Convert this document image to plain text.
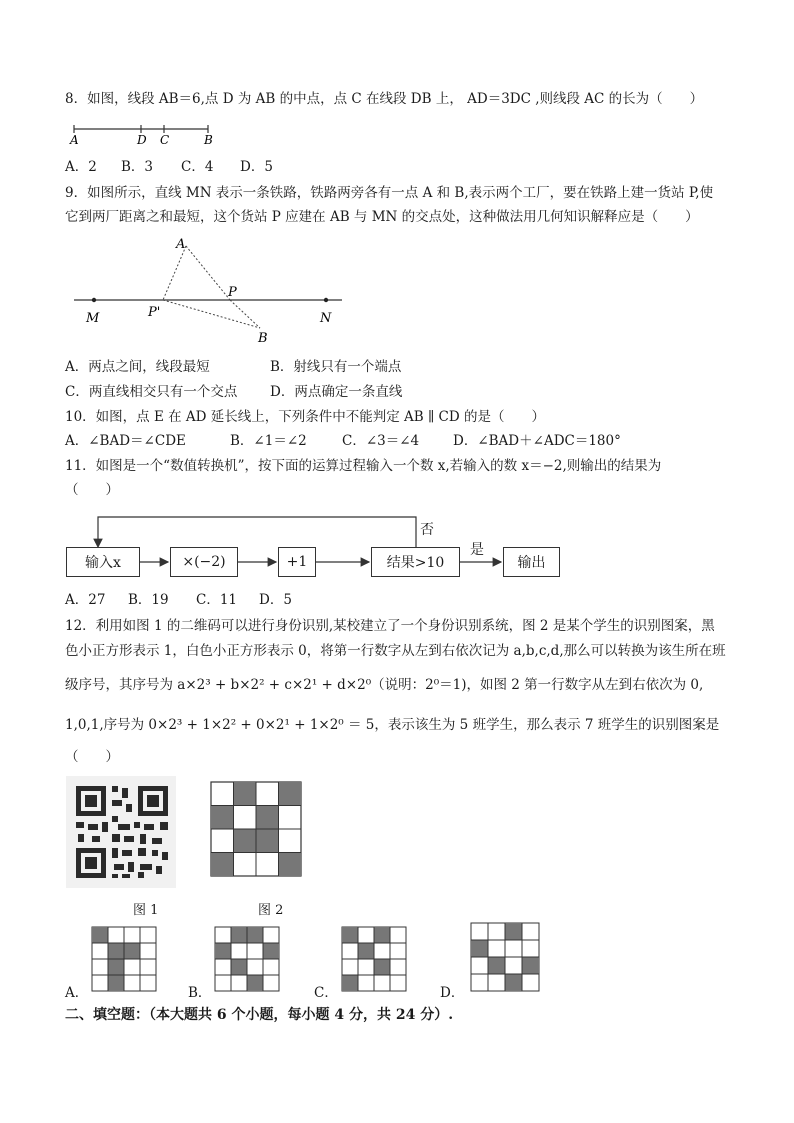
8．如图，线段 AB＝6,点 D 为 AB 的中点，点 C 在线段 DB 上， AD＝3DC ,则线段 AC 的长为（　　）
A	D C	B
A．2 B．3 C．4 D．5
9．如图所示，直线 MN 表示一条铁路，铁路两旁各有一点 A 和 B,表示两个工厂，要在铁路上建一货站 P,使
它到两厂距离之和最短，这个货站 P 应建在 AB 与 MN 的交点处，这种做法用几何知识解释应是（　　）
A
P
M	P'	N
B
A．两点之间，线段最短	B．射线只有一个端点
C．两直线相交只有一个交点 D．两点确定一条直线
10．如图，点 E 在 AD 延长线上，下列条件中不能判定 AB ∥ CD 的是（　　）
A．∠BAD＝∠CDE	B．∠1＝∠2	C．∠3＝∠4	D．∠BAD＋∠ADC＝180°
11．如图是一个“数值转换机”，按下面的运算过程输入一个数 x,若输入的数 x＝−2,则输出的结果为
（　　）
输入x	×(−2)	+1	结果>10	输出
否
是
A．27 B．19 C．11 D．5
12．利用如图 1 的二维码可以进行身份识别,某校建立了一个身份识别系统，图 2 是某个学生的识别图案，黑
色小正方形表示 1，白色小正方形表示 0，将第一行数字从左到右依次记为 a,b,c,d,那么可以转换为该生所在班
级序号，其序号为 a×2³ + b×2² + c×2¹ + d×2⁰（说明：2⁰＝1)，如图 2 第一行数字从左到右依次为 0,
1,0,1,序号为 0×2³ + 1×2² + 0×2¹ + 1×2⁰ ＝ 5，表示该生为 5 班学生，那么表示 7 班学生的识别图案是
（　　）
图 1	图 2
A．	B．	C．	D．
二、填空题：（本大题共 6 个小题，每小题 4 分，共 24 分）.
